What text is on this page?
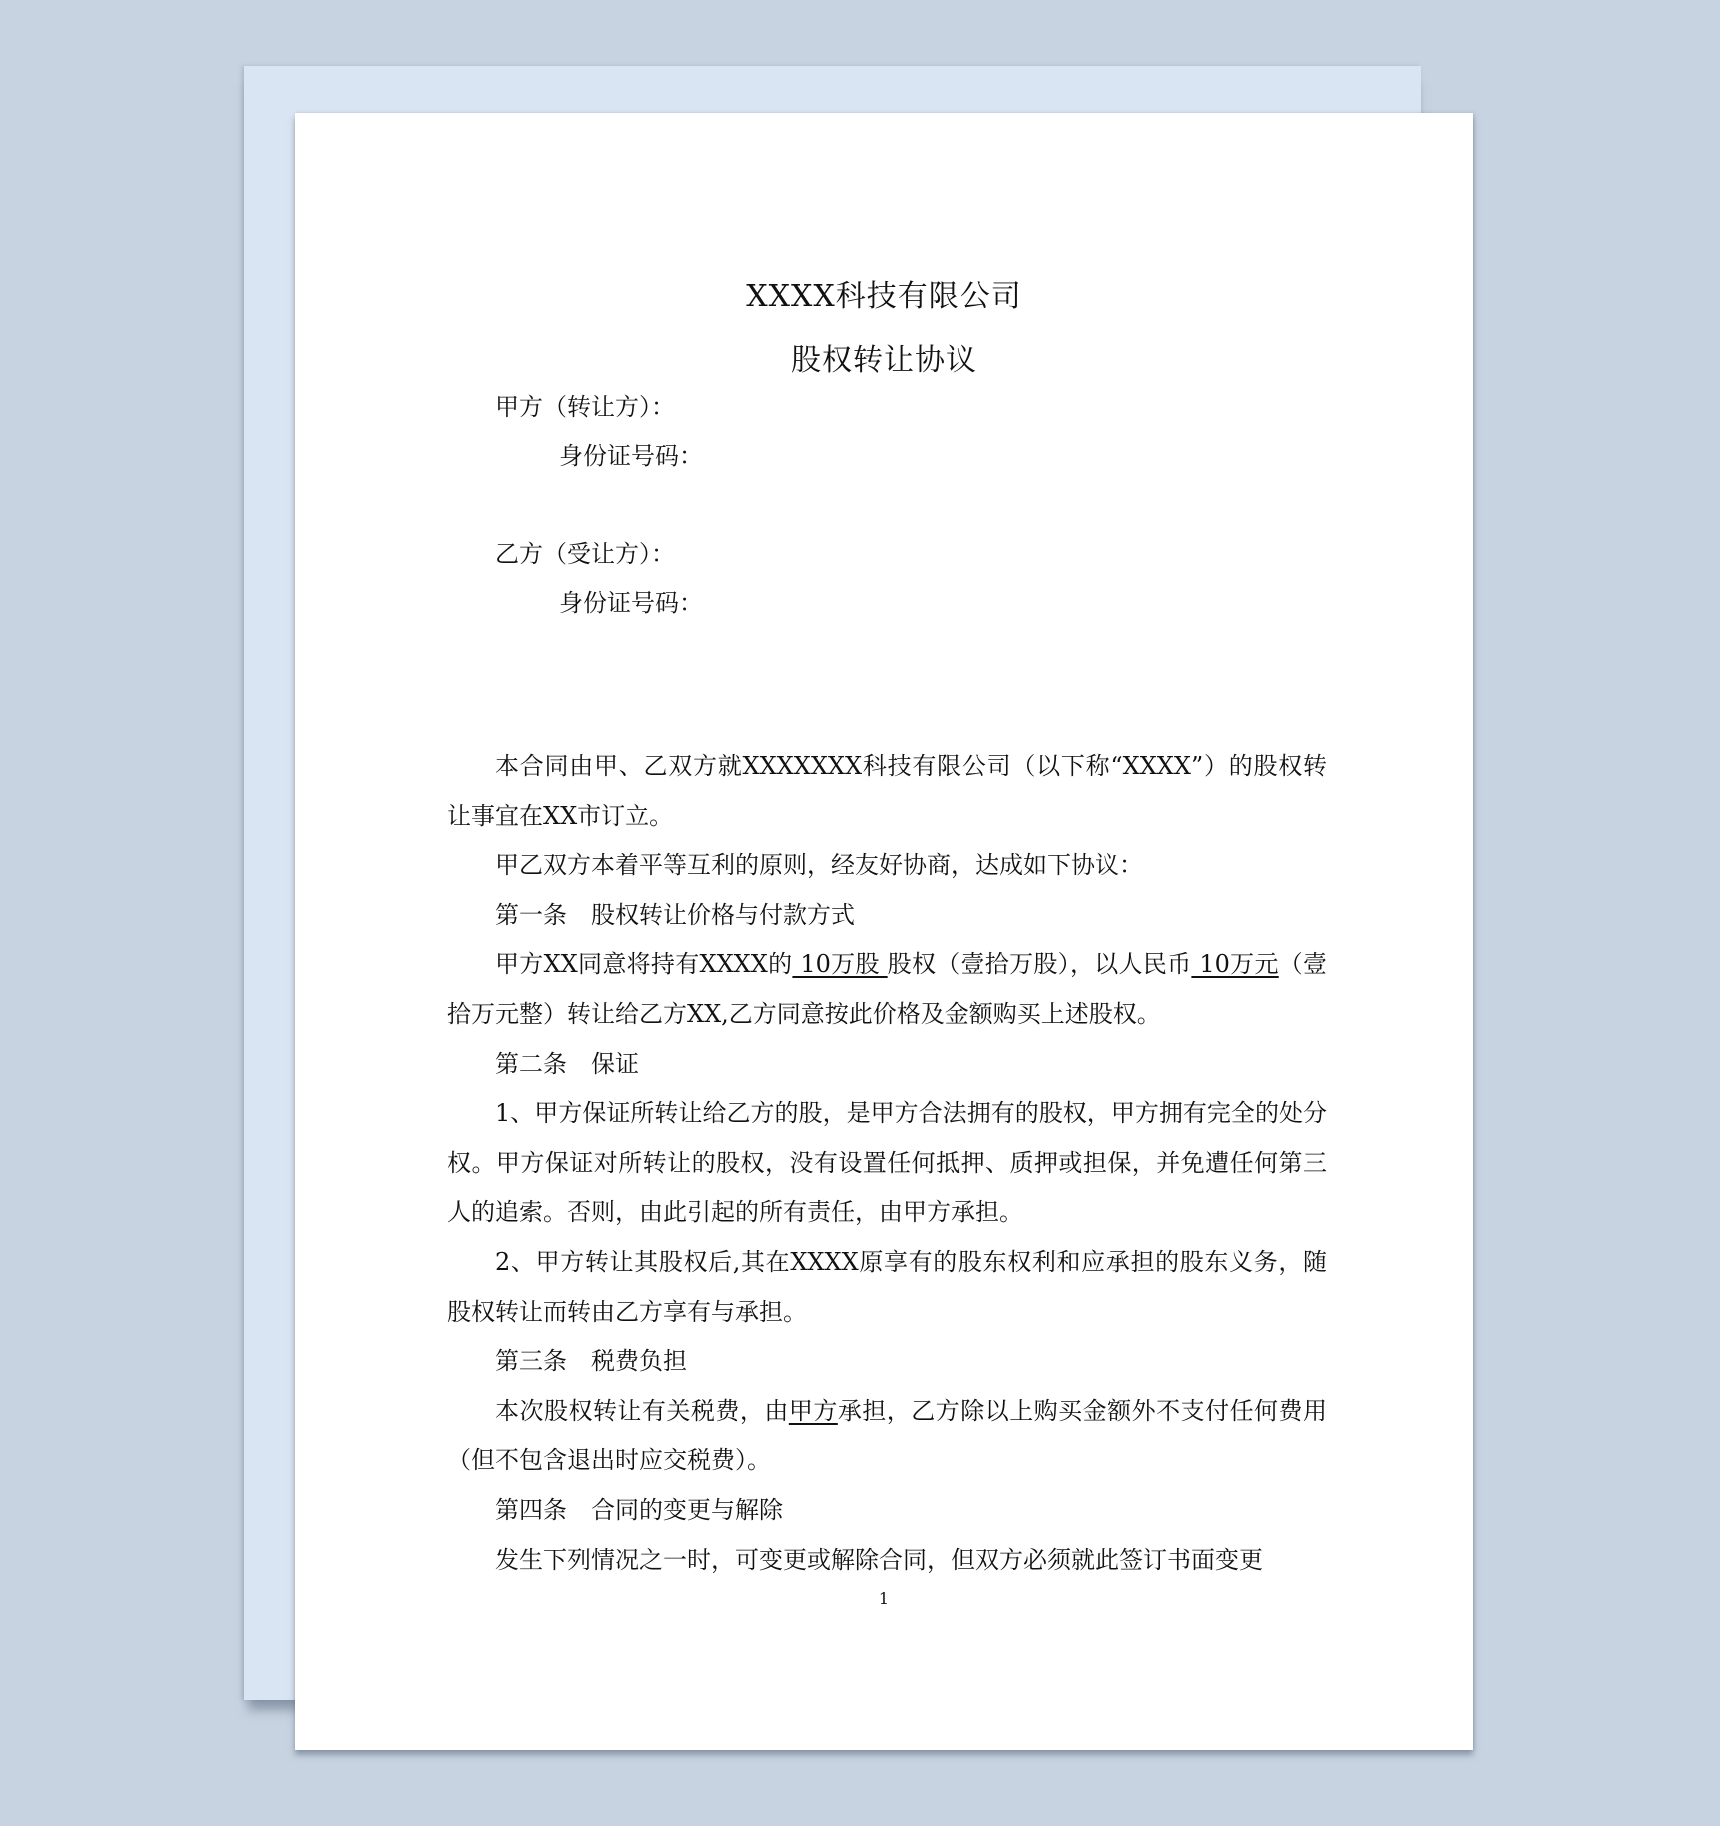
XXXX科技有限公司
股权转让协议

甲方（转让方）：

身份证号码：

乙方（受让方）：

身份证号码：

本合同由甲、乙双方就XXXXXXX科技有限公司（以下称“XXXX”）的股权转让事宜在XX市订立。

甲乙双方本着平等互利的原则，经友好协商，达成如下协议：

第一条　股权转让价格与付款方式

甲方XX同意将持有XXXX的 10万股 股权（壹拾万股），以人民币 10万元（壹拾万元整）转让给乙方XX,乙方同意按此价格及金额购买上述股权。

第二条　保证

1、甲方保证所转让给乙方的股，是甲方合法拥有的股权，甲方拥有完全的处分权。甲方保证对所转让的股权，没有设置任何抵押、质押或担保，并免遭任何第三人的追索。否则，由此引起的所有责任，由甲方承担。

2、甲方转让其股权后,其在XXXX原享有的股东权利和应承担的股东义务，随股权转让而转由乙方享有与承担。

第三条　税费负担

本次股权转让有关税费，由甲方承担，乙方除以上购买金额外不支付任何费用（但不包含退出时应交税费）。

第四条　合同的变更与解除

发生下列情况之一时，可变更或解除合同，但双方必须就此签订书面变更

1
